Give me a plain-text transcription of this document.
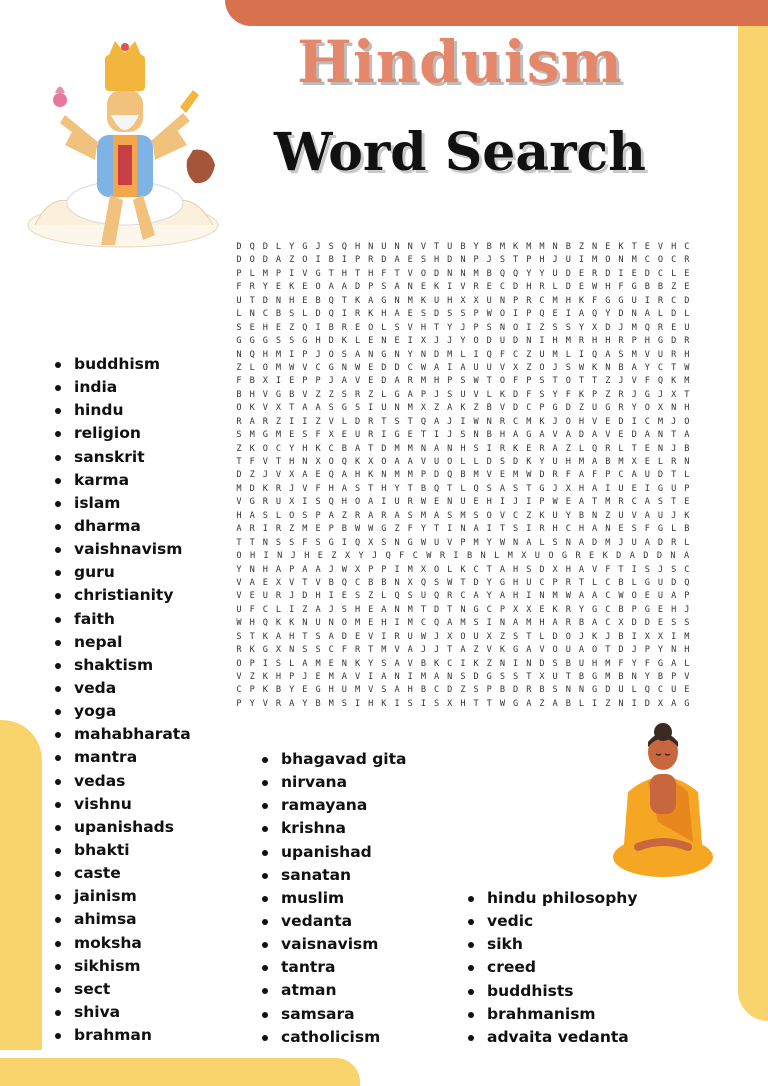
Hinduism
Word Search
D Q D L Y G J S Q H N U N N V T U B Y B M K M M N B Z N E K T E V H C
D O D A Z O I B I P R D A E S H D N P J S T P H J U I M O N M C O C R
P L M P I V G T H T H F T V O D N N M B Q Q Y Y U D E R D I E D C L E
F R Y E K E O A A D P S A N E K I V R E C D H R L D E W H F G B B Z E
U T D N H E B Q T K A G N M K U H X X U N P R C M H K F G G U I R C D
L N C B S L D Q I R K H A E S D S S P W O I P Q E I A Q Y D N A L D L
S E H E Z Q I B R E O L S V H T Y J P S N O I Z S S Y X D J M Q R E U
G G G S S G H D K L E N E I X J J Y O D U D N I H M R H H R P H G D R
N Q H M I P J O S A N G N Y N D M L I Q F C Z U M L I Q A S M V U R H
Z L O M W V C G N W E D D C W A I A U U V X Z O J S W K N B A Y C T W
F B X I E P P J A V E D A R M H P S W T O F P S T O T T Z J V F Q K M
B H V G B V Z Z S R Z L G A P J S U V L K D F S Y F K P Z R J G J X T
O K V X T A A S G S I U N M X Z A K Z B V D C P G D Z U G R Y O X N H
R A R Z I I Z V L D R T S T Q A J I W N R C M K J O H V E D I C M J O
S M G M E S F X E U R I G E T I J S N B H A G A V A D A V E D A N T A
Z K O C Y H K C B A T D M M N A N H S I R K E R A Z L Q R L T E N J B
T F V T H N X O Q K X O A A V U O L L D S D K Y U H M A B M X E L R N
D Z J V X A E Q A H K N M M P D Q B M V E M W D R F A F P C A U D T L
M D K R J V F H A S T H Y T B Q T L Q S A S T G J X H A I U E I G U P
V G R U X I S Q H O A I U R W E N U E H I J I P W E A T M R C A S T E
H A S L O S P A Z R A R A S M A S M S O V C Z K U Y B N Z U V A U J K
A R I R Z M E P B W W G Z F Y T I N A I T S I R H C H A N E S F G L B
T T N S S F S G I Q X S N G W U V P M Y W N A L S N A D M J U A D R L
O H I N J H E Z X Y J Q F C W R I B N L M X U O G R E K D A D D N A
Y N H A P A A J W X P P I M X O L K C T A H S D X H A V F T I S J S C
V A E X V T V B Q C B B N X Q S W T D Y G H U C P R T L C B L G U D Q
V E U R J D H I E S Z L Q S U Q R C A Y A H I N M W A A C W O E U A P
U F C L I Z A J S H E A N M T D T N G C P X X E K R Y G C B P G E H J
W H Q K K N U N O M E H I M C Q A M S I N A M H A R B A C X D D E S S
S T K A H T S A D E V I R U W J X O U X Z S T L D O J K J B I X X I M
R K G X N S S C F R T M V A J J T A Z V K G A V O U A O T D J P Y N H
O P I S L A M E N K Y S A V B K C I K Z N I N D S B U H M F Y F G A L
V Z K H P J E M A V I A N I M A N S D G S S T X U T B G M B N Y B P V
C P K B Y E G H U M V S A H B C D Z S P B D R B S N N G D U L Q C U E
P Y V R A Y B M S I H K I S I S X H T T W G A Z A B L I Z N I D X A G
buddhism
india
hindu
religion
sanskrit
karma
islam
dharma
vaishnavism
guru
christianity
faith
nepal
shaktism
veda
yoga
mahabharata
mantra
vedas
vishnu
upanishads
bhakti
caste
jainism
ahimsa
moksha
sikhism
sect
shiva
brahman
bhagavad gita
nirvana
ramayana
krishna
upanishad
sanatan
muslim
vedanta
vaisnavism
tantra
atman
samsara
catholicism
hindu philosophy
vedic
sikh
creed
buddhists
brahmanism
advaita vedanta
